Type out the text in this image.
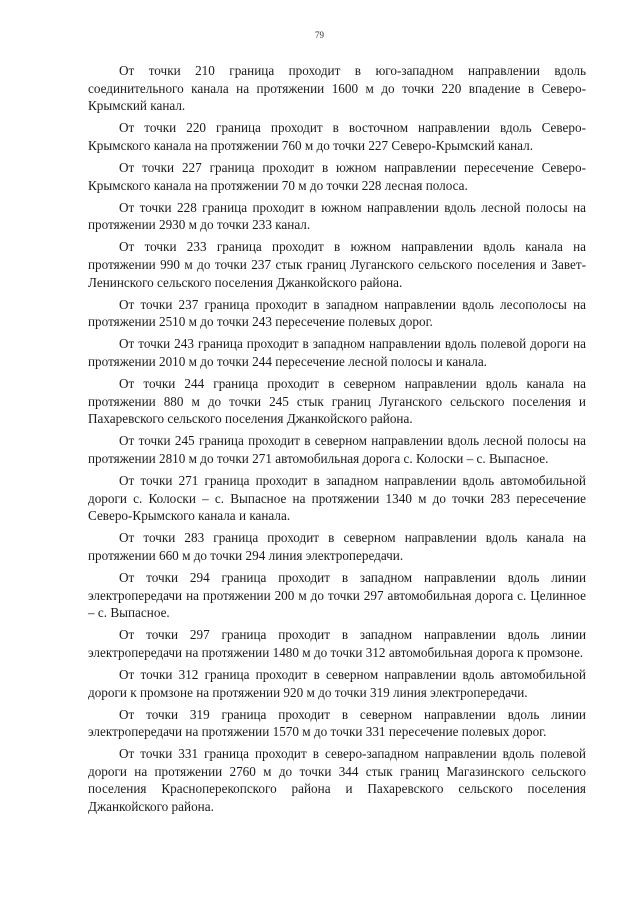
79

От точки 210 граница проходит в юго-западном направлении вдоль соединительного канала на протяжении 1600 м до точки 220 впадение в Северо-Крымский канал.

От точки 220 граница проходит в восточном направлении вдоль Северо-Крымского канала на протяжении 760 м до точки 227 Северо-Крымский канал.

От точки 227 граница проходит в южном направлении пересечение Северо-Крымского канала на протяжении 70 м до точки 228 лесная полоса.

От точки 228 граница проходит в южном направлении вдоль лесной полосы на протяжении 2930 м до точки 233 канал.

От точки 233 граница проходит в южном направлении вдоль канала на протяжении 990 м до точки 237 стык границ Луганского сельского поселения и Завет-Ленинского сельского поселения Джанкойского района.

От точки 237 граница проходит в западном направлении вдоль лесополосы на протяжении 2510 м до точки 243 пересечение полевых дорог.

От точки 243 граница проходит в западном направлении вдоль полевой дороги на протяжении 2010 м до точки 244 пересечение лесной полосы и канала.

От точки 244 граница проходит в северном направлении вдоль канала на протяжении 880 м до точки 245 стык границ Луганского сельского поселения и Пахаревского сельского поселения Джанкойского района.

От точки 245 граница проходит в северном направлении вдоль лесной полосы на протяжении 2810 м до точки 271 автомобильная дорога с. Колоски – с. Выпасное.

От точки 271 граница проходит в западном направлении вдоль автомобильной дороги с. Колоски – с. Выпасное на протяжении 1340 м до точки 283 пересечение Северо-Крымского канала и канала.

От точки 283 граница проходит в северном направлении вдоль канала на протяжении 660 м до точки 294 линия электропередачи.

От точки 294 граница проходит в западном направлении вдоль линии электропередачи на протяжении 200 м до точки 297 автомобильная дорога с. Целинное – с. Выпасное.

От точки 297 граница проходит в западном направлении вдоль линии электропередачи на протяжении 1480 м до точки 312 автомобильная дорога к промзоне.

От точки 312 граница проходит в северном направлении вдоль автомобильной дороги к промзоне на протяжении 920 м до точки 319 линия электропередачи.

От точки 319 граница проходит в северном направлении вдоль линии электропередачи на протяжении 1570 м до точки 331 пересечение полевых дорог.

От точки 331 граница проходит в северо-западном направлении вдоль полевой дороги на протяжении 2760 м до точки 344 стык границ Магазинского сельского поселения Красноперекопского района и Пахаревского сельского поселения Джанкойского района.
